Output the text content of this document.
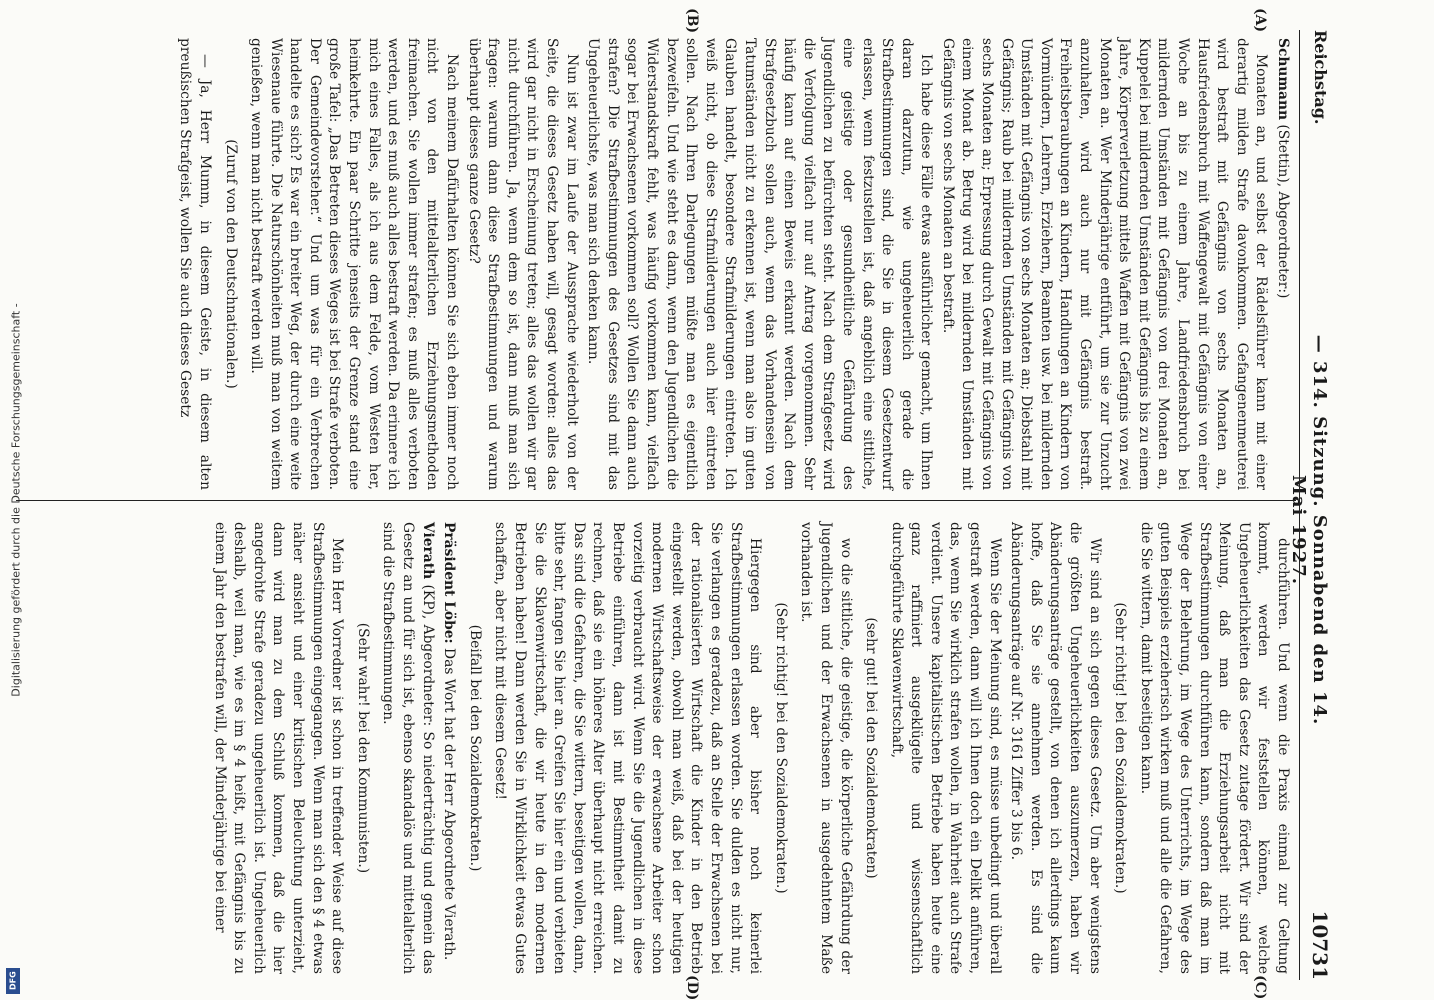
Digitalisierung gefördert durch die Deutsche Forschungsgemeinschaft -
DFG
Reichstag.
— 314. Sitzung. Sonnabend den 14. Mai 1927.
10731
(A)
(B)
(C)
(D)

Schumann (Stettin), Abgeordneter:)

Monaten an, und selbst der Rädelsführer kann mit einer derartig milden Strafe davonkommen. Gefangenenmeuterei wird bestraft mit Gefängnis von sechs Monaten an, Hausfriedensbruch mit Waffengewalt mit Gefängnis von einer Woche an bis zu einem Jahre, Landfriedensbruch bei mildernden Umständen mit Gefängnis von drei Monaten an, Kuppelei bei mildernden Umständen mit Gefängnis bis zu einem Jahre, Körperverletzung mittels Waffen mit Gefängnis von zwei Monaten an. Wer Minderjährige entführt, um sie zur Unzucht anzuhalten, wird auch nur mit Gefängnis bestraft. Freiheitsberaubungen an Kindern, Handlungen an Kindern von Vormündern, Lehrern, Erziehern, Beamten usw. bei mildernden Umständen mit Gefängnis von sechs Monaten an; Diebstahl mit Gefängnis; Raub bei mildernden Umständen mit Gefängnis von sechs Monaten an; Erpressung durch Gewalt mit Gefängnis von einem Monat ab. Betrug wird bei mildernden Umständen mit Gefängnis von sechs Monaten an bestraft.

Ich habe diese Fälle etwas ausführlicher gemacht, um Ihnen daran darzutun, wie ungeheuerlich gerade die Strafbestimmungen sind, die Sie in diesem Gesetzentwurf erlassen, wenn festzustellen ist, daß angeblich eine sittliche, eine geistige oder gesundheitliche Gefährdung des Jugendlichen zu befürchten steht. Nach dem Strafgesetz wird die Verfolgung vielfach nur auf Antrag vorgenommen. Sehr häufig kann auf einen Beweis erkannt werden. Nach dem Strafgesetzbuch sollen auch, wenn das Vorhandensein von Tatumständen nicht zu erkennen ist, wenn man also im guten Glauben handelt, besondere Strafmilderungen eintreten. Ich weiß nicht, ob diese Strafmilderungen auch hier eintreten sollen. Nach Ihren Darlegungen müßte man es eigentlich bezweifeln. Und wie steht es dann, wenn den Jugendlichen die Widerstandskraft fehlt, was häufig vorkommen kann, vielfach sogar bei Erwachsenen vorkommen soll? Wollen Sie dann auch strafen? Die Strafbestimmungen des Gesetzes sind mit das Ungeheuerlichste, was man sich denken kann.

Nun ist zwar im Laufe der Aussprache wiederholt von der Seite, die dieses Gesetz haben will, gesagt worden: alles das wird gar nicht in Erscheinung treten; alles das wollen wir gar nicht durchführen. Ja, wenn dem so ist, dann muß man sich fragen: warum dann diese Strafbestimmungen und warum überhaupt dieses ganze Gesetz?

Nach meinem Dafürhalten können Sie sich eben immer noch nicht von den mittelalterlichen Erziehungsmethoden freimachen. Sie wollen immer strafen; es muß alles verboten werden, und es muß auch alles bestraft werden. Da erinnere ich mich eines Falles, als ich aus dem Felde, vom Westen her, heimkehrte. Ein paar Schritte jenseits der Grenze stand eine große Tafel: „Das Betreten dieses Weges ist bei Strafe verboten. Der Gemeindevorsteher.“ Und um was für ein Verbrechen handelte es sich? Es war ein breiter Weg, der durch eine weite Wiesenaue führte. Die Naturschönheiten muß man von weitem genießen, wenn man nicht bestraft werden will.

(Zuruf von den Deutschnationalen.)

— Ja, Herr Mumm, in diesem Geiste, in diesem alten preußischen Strafgeist, wollen Sie auch dieses Gesetz

durchführen. Und wenn die Praxis einmal zur Geltung kommt, werden wir feststellen können, welche Ungeheuerlichkeiten das Gesetz zutage fördert. Wir sind der Meinung, daß man die Erziehungsarbeit nicht mit Strafbestimmungen durchführen kann, sondern daß man im Wege der Belehrung, im Wege des Unterrichts, im Wege des guten Beispiels erzieherisch wirken muß und alle die Gefahren, die Sie wittern, damit beseitigen kann.

(Sehr richtig! bei den Sozialdemokraten.)

Wir sind an sich gegen dieses Gesetz. Um aber wenigstens die größten Ungeheuerlichkeiten auszumerzen, haben wir Abänderungsanträge gestellt, von denen ich allerdings kaum hoffe, daß Sie sie annehmen werden. Es sind die Abänderungsanträge auf Nr. 3161 Ziffer 3 bis 6.

Wenn Sie der Meinung sind, es müsse unbedingt und überall gestraft werden, dann will ich Ihnen doch ein Delikt anführen, das, wenn Sie wirklich strafen wollen, in Wahrheit auch Strafe verdient. Unsere kapitalistischen Betriebe haben heute eine ganz raffiniert ausgeklügelte und wissenschaftlich durchgeführte Sklavenwirtschaft,

(sehr gut! bei den Sozialdemokraten)

wo die sittliche, die geistige, die körperliche Gefährdung der Jugendlichen und der Erwachsenen in ausgedehntem Maße vorhanden ist.

(Sehr richtig! bei den Sozialdemokraten.)

Hiergegen sind aber bisher noch keinerlei Strafbestimmungen erlassen worden. Sie dulden es nicht nur, Sie verlangen es geradezu, daß an Stelle der Erwachsenen bei der rationalisierten Wirtschaft die Kinder in den Betrieb eingestellt werden, obwohl man weiß, daß bei der heutigen modernen Wirtschaftsweise der erwachsene Arbeiter schon vorzeitig verbraucht wird. Wenn Sie die Jugendlichen in diese Betriebe einführen, dann ist mit Bestimmtheit damit zu rechnen, daß sie ein höheres Alter überhaupt nicht erreichen. Das sind die Gefahren, die Sie wittern, beseitigen wollen, dann, bitte sehr, fangen Sie hier an. Greifen Sie hier ein und verbieten Sie die Sklavenwirtschaft, die wir heute in den modernen Betrieben haben! Dann werden Sie in Wirklichkeit etwas Gutes schaffen, aber nicht mit diesem Gesetz!

(Beifall bei den Sozialdemokraten.)

Präsident Löbe: Das Wort hat der Herr Abgeordnete Vierath.

Vierath (KP), Abgeordneter: So niederträchtig und gemein das Gesetz an und für sich ist, ebenso skandalös und mittelalterlich sind die Strafbestimmungen.

(Sehr wahr! bei den Kommunisten.)

Mein Herr Vorredner ist schon in treffender Weise auf diese Strafbestimmungen eingegangen. Wenn man sich den § 4 etwas näher ansieht und einer kritischen Beleuchtung unterzieht, dann wird man zu dem Schluß kommen, daß die hier angedrohte Strafe geradezu ungeheuerlich ist. Ungeheuerlich deshalb, weil man, wie es im § 4 heißt, mit Gefängnis bis zu einem Jahr den bestrafen will, der Minderjährige bei einer
